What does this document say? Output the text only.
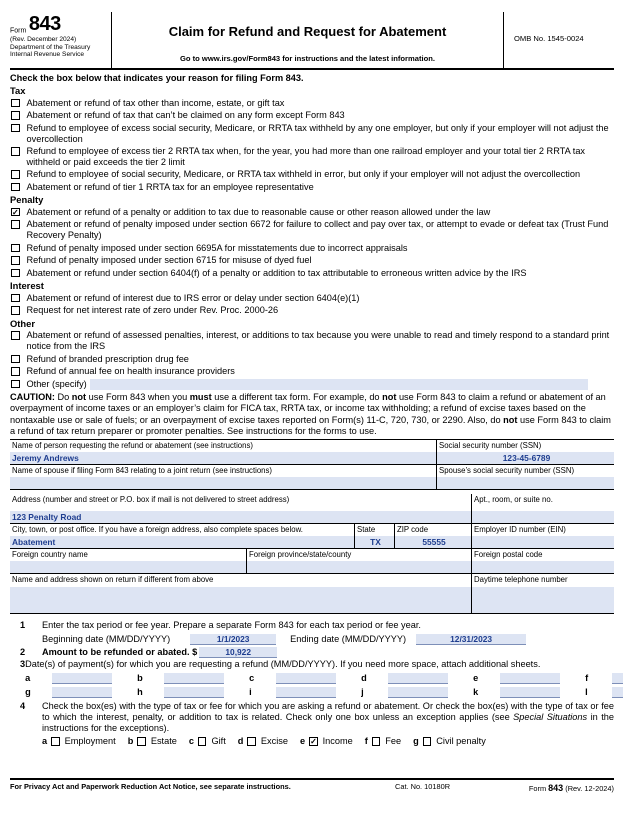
Form 843
(Rev. December 2024)
Department of the Treasury
Internal Revenue Service
Claim for Refund and Request for Abatement
Go to www.irs.gov/Form843 for instructions and the latest information.
OMB No. 1545-0024
Check the box below that indicates your reason for filing Form 843.
Tax
Abatement or refund of tax other than income, estate, or gift tax
Abatement or refund of tax that can’t be claimed on any form except Form 843
Refund to employee of excess social security, Medicare, or RRTA tax withheld by any one employer, but only if your employer will not adjust the overcollection
Refund to employee of excess tier 2 RRTA tax when, for the year, you had more than one railroad employer and your total tier 2 RRTA tax withheld or paid exceeds the tier 2 limit
Refund to employee of social security, Medicare, or RRTA tax withheld in error, but only if your employer will not adjust the overcollection
Abatement or refund of tier 1 RRTA tax for an employee representative
Penalty
✓ Abatement or refund of a penalty or addition to tax due to reasonable cause or other reason allowed under the law
Abatement or refund of penalty imposed under section 6672 for failure to collect and pay over tax, or attempt to evade or defeat tax (Trust Fund Recovery Penalty)
Refund of penalty imposed under section 6695A for misstatements due to incorrect appraisals
Refund of penalty imposed under section 6715 for misuse of dyed fuel
Abatement or refund under section 6404(f) of a penalty or addition to tax attributable to erroneous written advice by the IRS
Interest
Abatement or refund of interest due to IRS error or delay under section 6404(e)(1)
Request for net interest rate of zero under Rev. Proc. 2000-26
Other
Abatement or refund of assessed penalties, interest, or additions to tax because you were unable to read and timely respond to a standard print notice from the IRS
Refund of branded prescription drug fee
Refund of annual fee on health insurance providers
Other (specify)
CAUTION: Do not use Form 843 when you must use a different tax form. For example, do not use Form 843 to claim a refund or abatement of an overpayment of income taxes or an employer’s claim for FICA tax, RRTA tax, or income tax withholding; a refund of excise taxes based on the nontaxable use or sale of fuels; or an overpayment of excise taxes reported on Form(s) 11-C, 720, 730, or 2290. Also, do not use Form 843 to claim a refund of tax return preparer or promoter penalties. See instructions for the forms to use.
Name of person requesting the refund or abatement (see instructions)
Jeremy Andrews
Social security number (SSN)
123-45-6789
Name of spouse if filing Form 843 relating to a joint return (see instructions)	Spouse’s social security number (SSN)
Address (number and street or P.O. box if mail is not delivered to street address)
123 Penalty Road
Apt., room, or suite no.
City, town, or post office. If you have a foreign address, also complete spaces below.
Abatement
State
TX
ZIP code
55555
Employer ID number (EIN)
Foreign country name	Foreign province/state/county	Foreign postal code
Name and address shown on return if different from above	Daytime telephone number
1	Enter the tax period or fee year. Prepare a separate Form 843 for each tax period or fee year.
Beginning date (MM/DD/YYYY)	1/1/2023	Ending date (MM/DD/YYYY)	12/31/2023
2	Amount to be refunded or abated. $	10,922
3 Date(s) of payment(s) for which you are requesting a refund (MM/DD/YYYY). If you need more space, attach additional sheets.
a	b	c	d	e	f
g	h	i	j	k	l
4	Check the box(es) with the type of tax or fee for which you are asking a refund or abatement. Or check the box(es) with the type of tax or fee to which the interest, penalty, or addition to tax is related. Check only one box unless an exception applies (see Special Situations in the instructions for the exceptions).
a Employment b Estate c Gift d Excise e ✓ Income f Fee g Civil penalty
For Privacy Act and Paperwork Reduction Act Notice, see separate instructions.	Cat. No. 10180R	Form 843 (Rev. 12-2024)
